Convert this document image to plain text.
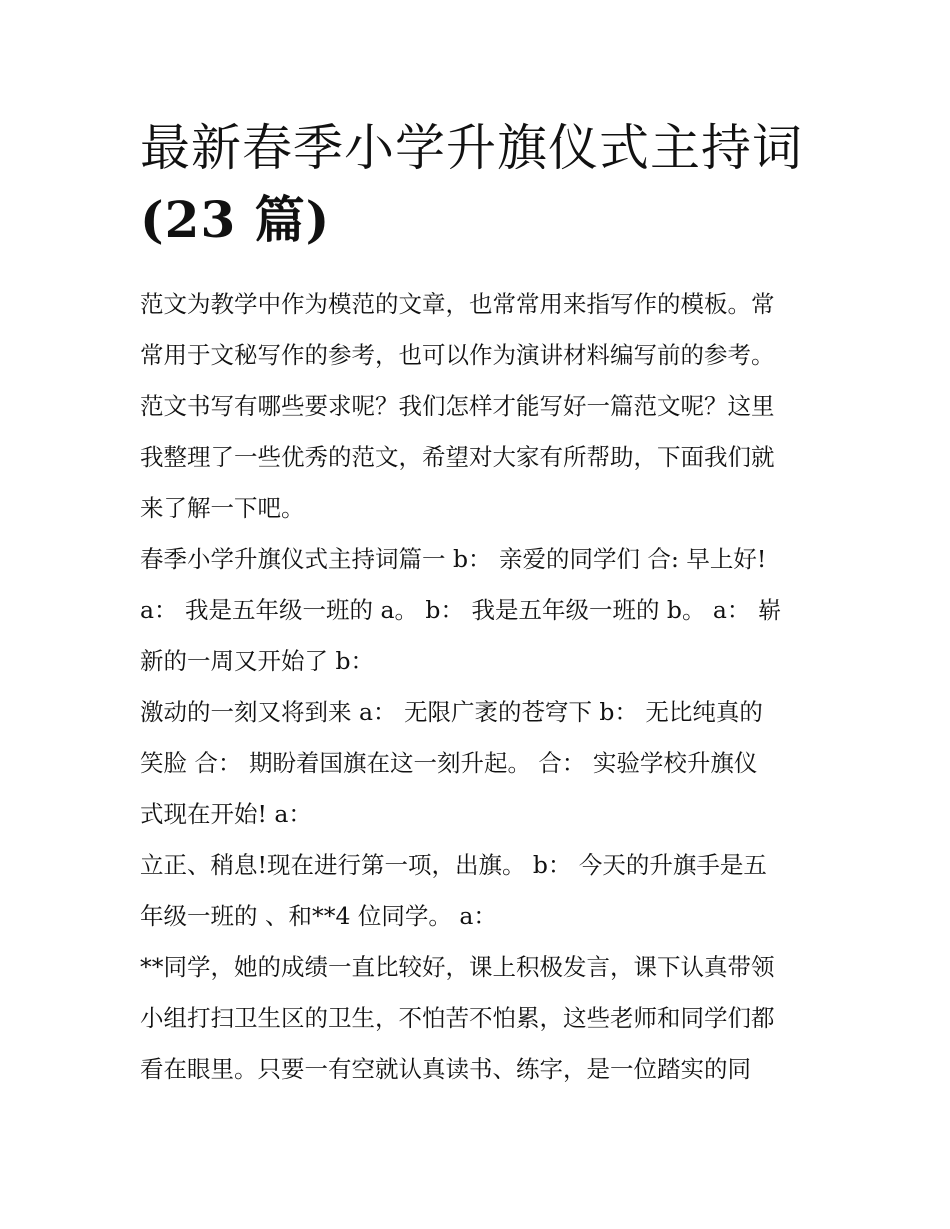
最新春季小学升旗仪式主持词
(23 篇)

范文为教学中作为模范的文章，也常常用来指写作的模板。常
常用于文秘写作的参考，也可以作为演讲材料编写前的参考。
范文书写有哪些要求呢？我们怎样才能写好一篇范文呢？这里
我整理了一些优秀的范文，希望对大家有所帮助，下面我们就
来了解一下吧。

春季小学升旗仪式主持词篇一 b： 亲爱的同学们 合: 早上好!
a： 我是五年级一班的 a。 b： 我是五年级一班的 b。 a： 崭
新的一周又开始了 b：

激动的一刻又将到来 a： 无限广袤的苍穹下 b： 无比纯真的
笑脸 合： 期盼着国旗在这一刻升起。 合： 实验学校升旗仪
式现在开始! a：

立正、稍息!现在进行第一项，出旗。 b： 今天的升旗手是五
年级一班的 、和**4 位同学。 a：

**同学，她的成绩一直比较好，课上积极发言，课下认真带领
小组打扫卫生区的卫生，不怕苦不怕累，这些老师和同学们都
看在眼里。只要一有空就认真读书、练字，是一位踏实的同
